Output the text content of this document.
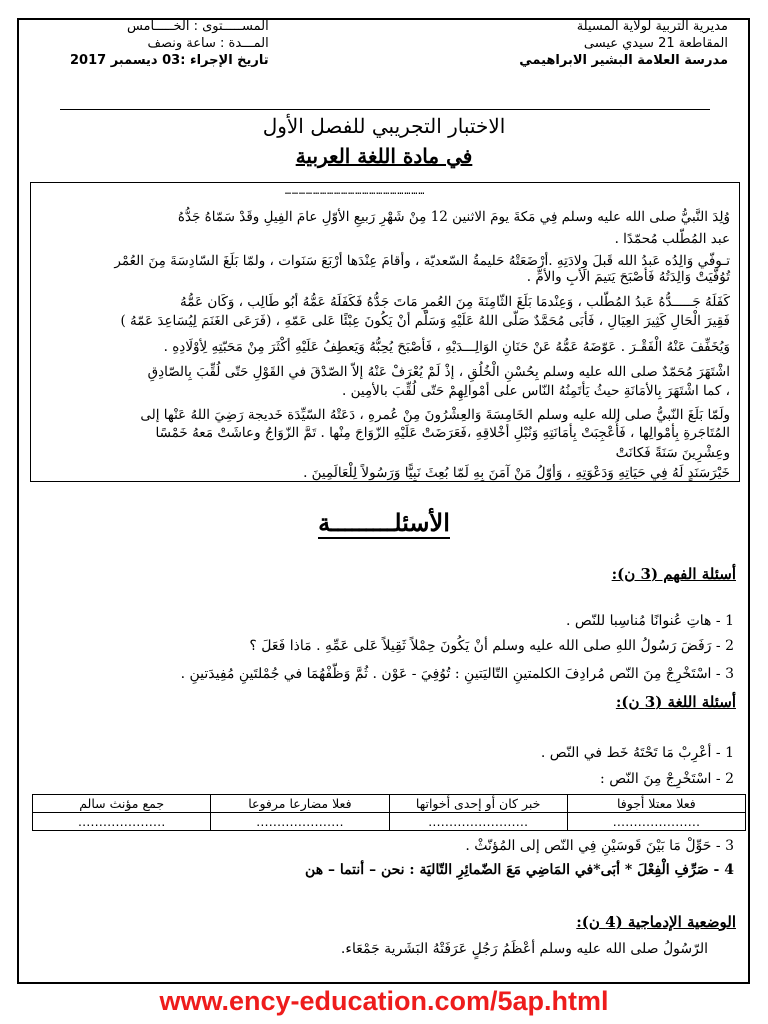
مديرية التربية لولاية المسيلة
المقاطعة 21 سيدي عيسى
مدرسة العلامة البشير الابراهيمي
المســـــتوى : الخـــــامس
المـــدة : ساعة ونصف
تاريخ الإجراء :03 ديسمبر 2017
الاختبار التجريبي للفصل الأول
في مادة اللغة العربية
……………………………………………………
وُلِدَ النَّبيُّ صلى الله عليه وسلم فِي مَكةَ يومَ الاثنين 12 مِنْ شَهْرِ رَبيعِ الأوّلِ عامَ الفِيلِ وقَدْ سَمّاهُ جَدُّهُ
عبد المُطّلب مُحمّدًا .
تـوفّي وَالِدُه عَبدُ الله قَبلَ وِلادَتِهِ .أرْضَعَتْهُ حَليمةُ السّعديّة ، وأقامَ عِنْدَها أرْبَعَ سَنَوات ، ولمّا بَلَغَ السّادِسَةَ مِنَ العُمْر
تُوُفّيَتْ وَالِدَتُهُ فَأصْبَحَ يَتيمَ الأبِ والأمِّ .
كَفَلَهُ جَـــــدُّهُ عَبدُ المُطّلب ، وَعِنْدمَا بَلَغَ الثّامِنَةَ مِنَ العُمرِ مَاتَ جَدُّهُ فَكَفَلَهُ عَمُّهُ أبُو طَالِب ، وَكَان عَمُّهُ
فَقِيرَ الْحَالِ كَثِيرَ العِيَالِ ، فَأبَى مُحَمَّدٌ صَلّى اللهُ عَلَيْهِ وَسَلّم أنْ يَكُونَ عِبْئًا عَلى عَمّهِ ، (فَرَعَى الغَنَمَ لِيُسَاعِدَ عَمّهُ )
وَيُخَفِّفَ عَنْهُ الْفَقْـرَ . عَوّضَهُ عَمُّهُ عَنْ حَنَانِ الوَالِـــدَيْهِ ، فَأصْبَحَ يُحِبُّهُ وَيَعطِفُ عَلَيْهِ أكْثَرَ مِنْ مَحَبّتِهِ لِأوْلَادِهِ .
اشْتَهَرَ مُحَمّدٌ صلى الله عليه وسلم بِحُسْنِ الْخُلُقِ ، إذْ لَمْ يُعْرَفْ عَنْهُ إلاّ الصّدْقَ في القَوْلِ حَتّى لُقِّبَ بِالصّادِقِ
، كما اشْتَهَرَ بِالأمَانَةِ حيثُ يَأتَمِنُهُ النّاس على أمْوالِهِمْ حَتّى لُقِّبَ بالأمِين .
ولَمّا بَلَغَ النّبيُّ صلى الله عليه وسلم الخَامِسَةَ وَالعِشْرُونَ مِنْ عُمرهِ ، دَعَتْهُ السّيِّدَة خَديجة رَضِيَ اللهُ عَنْها إلى
المُتَاجَرةِ بِأمْوالِها ، فَأُعْجِبَتْ بِأمَانَتِهِ وَنُبْلِ أخْلاقِهِ ،فَعَرَضَتْ عَلَيْهِ الزّوَاجَ مِنْها . تَمَّ الزّوَاجُ وعاشَتْ مَعهُ خَمْسًا
وعِشْرِينَ سَنَةً فَكانَتْ
خَيْرَسَنَدٍ لَهُ فِي حَيَاتِهِ وَدَعْوَتِهِ ، وَأوّلُ مَنْ آمَنَ بِهِ لَمّا بُعِثَ نَبِيًّا وَرَسُولاً لِلْعَالَمِينَ .
الأسئلـــــــــة
أسئلة الفهم (3 ن):
1 - هاتِ عُنوانًا مُناسِبا للنّص .
2 - رَفَضَ رَسُولُ اللهِ صلى الله عليه وسلم أنْ يَكُونَ حِمْلاً ثَقِيلاً عَلى عَمِّهِ . مَاذا فَعَلَ ؟
3 - اسْتَخْرِجْ مِنَ النّص مُرادِفَ الكلمتينِ التّاليَتينِ : تُوُفِيَ - عَوْن . ثُمَّ وَظّفْهُمَا في جُمْلتَينِ مُفِيدَتينِ .
أسئلة اللغة (3 ن):
1 - أعْرِبْ مَا تَحْتَهُ خَط في النّص .
2 - اسْتَخْرِجْ مِنَ النّص :
فعلا معتلا أجوفا	خبر كان أو إحدى أخواتها	فعلا مضارعا مرفوعا	جمع مؤنث سالم
…………………	……………………	…………………	…………………
3 - حَوِّلْ مَا بَيْنَ قَوسَيْنِ فِي النّص إلى المُؤنّثْ .
4 - صَرِّفِ الْفِعْلَ * أبَى*في المَاضِي مَعَ الضّمائِرِ التّاليَة : نحن – أنتما – هن
الوضعية الإدماجية (4 ن):
الرّسُولُ صلى الله عليه وسلم أعْظَمُ رَجُلٍ عَرَفَتْهُ البَشَرية جَمْعَاء.
www.ency-education.com/5ap.html
